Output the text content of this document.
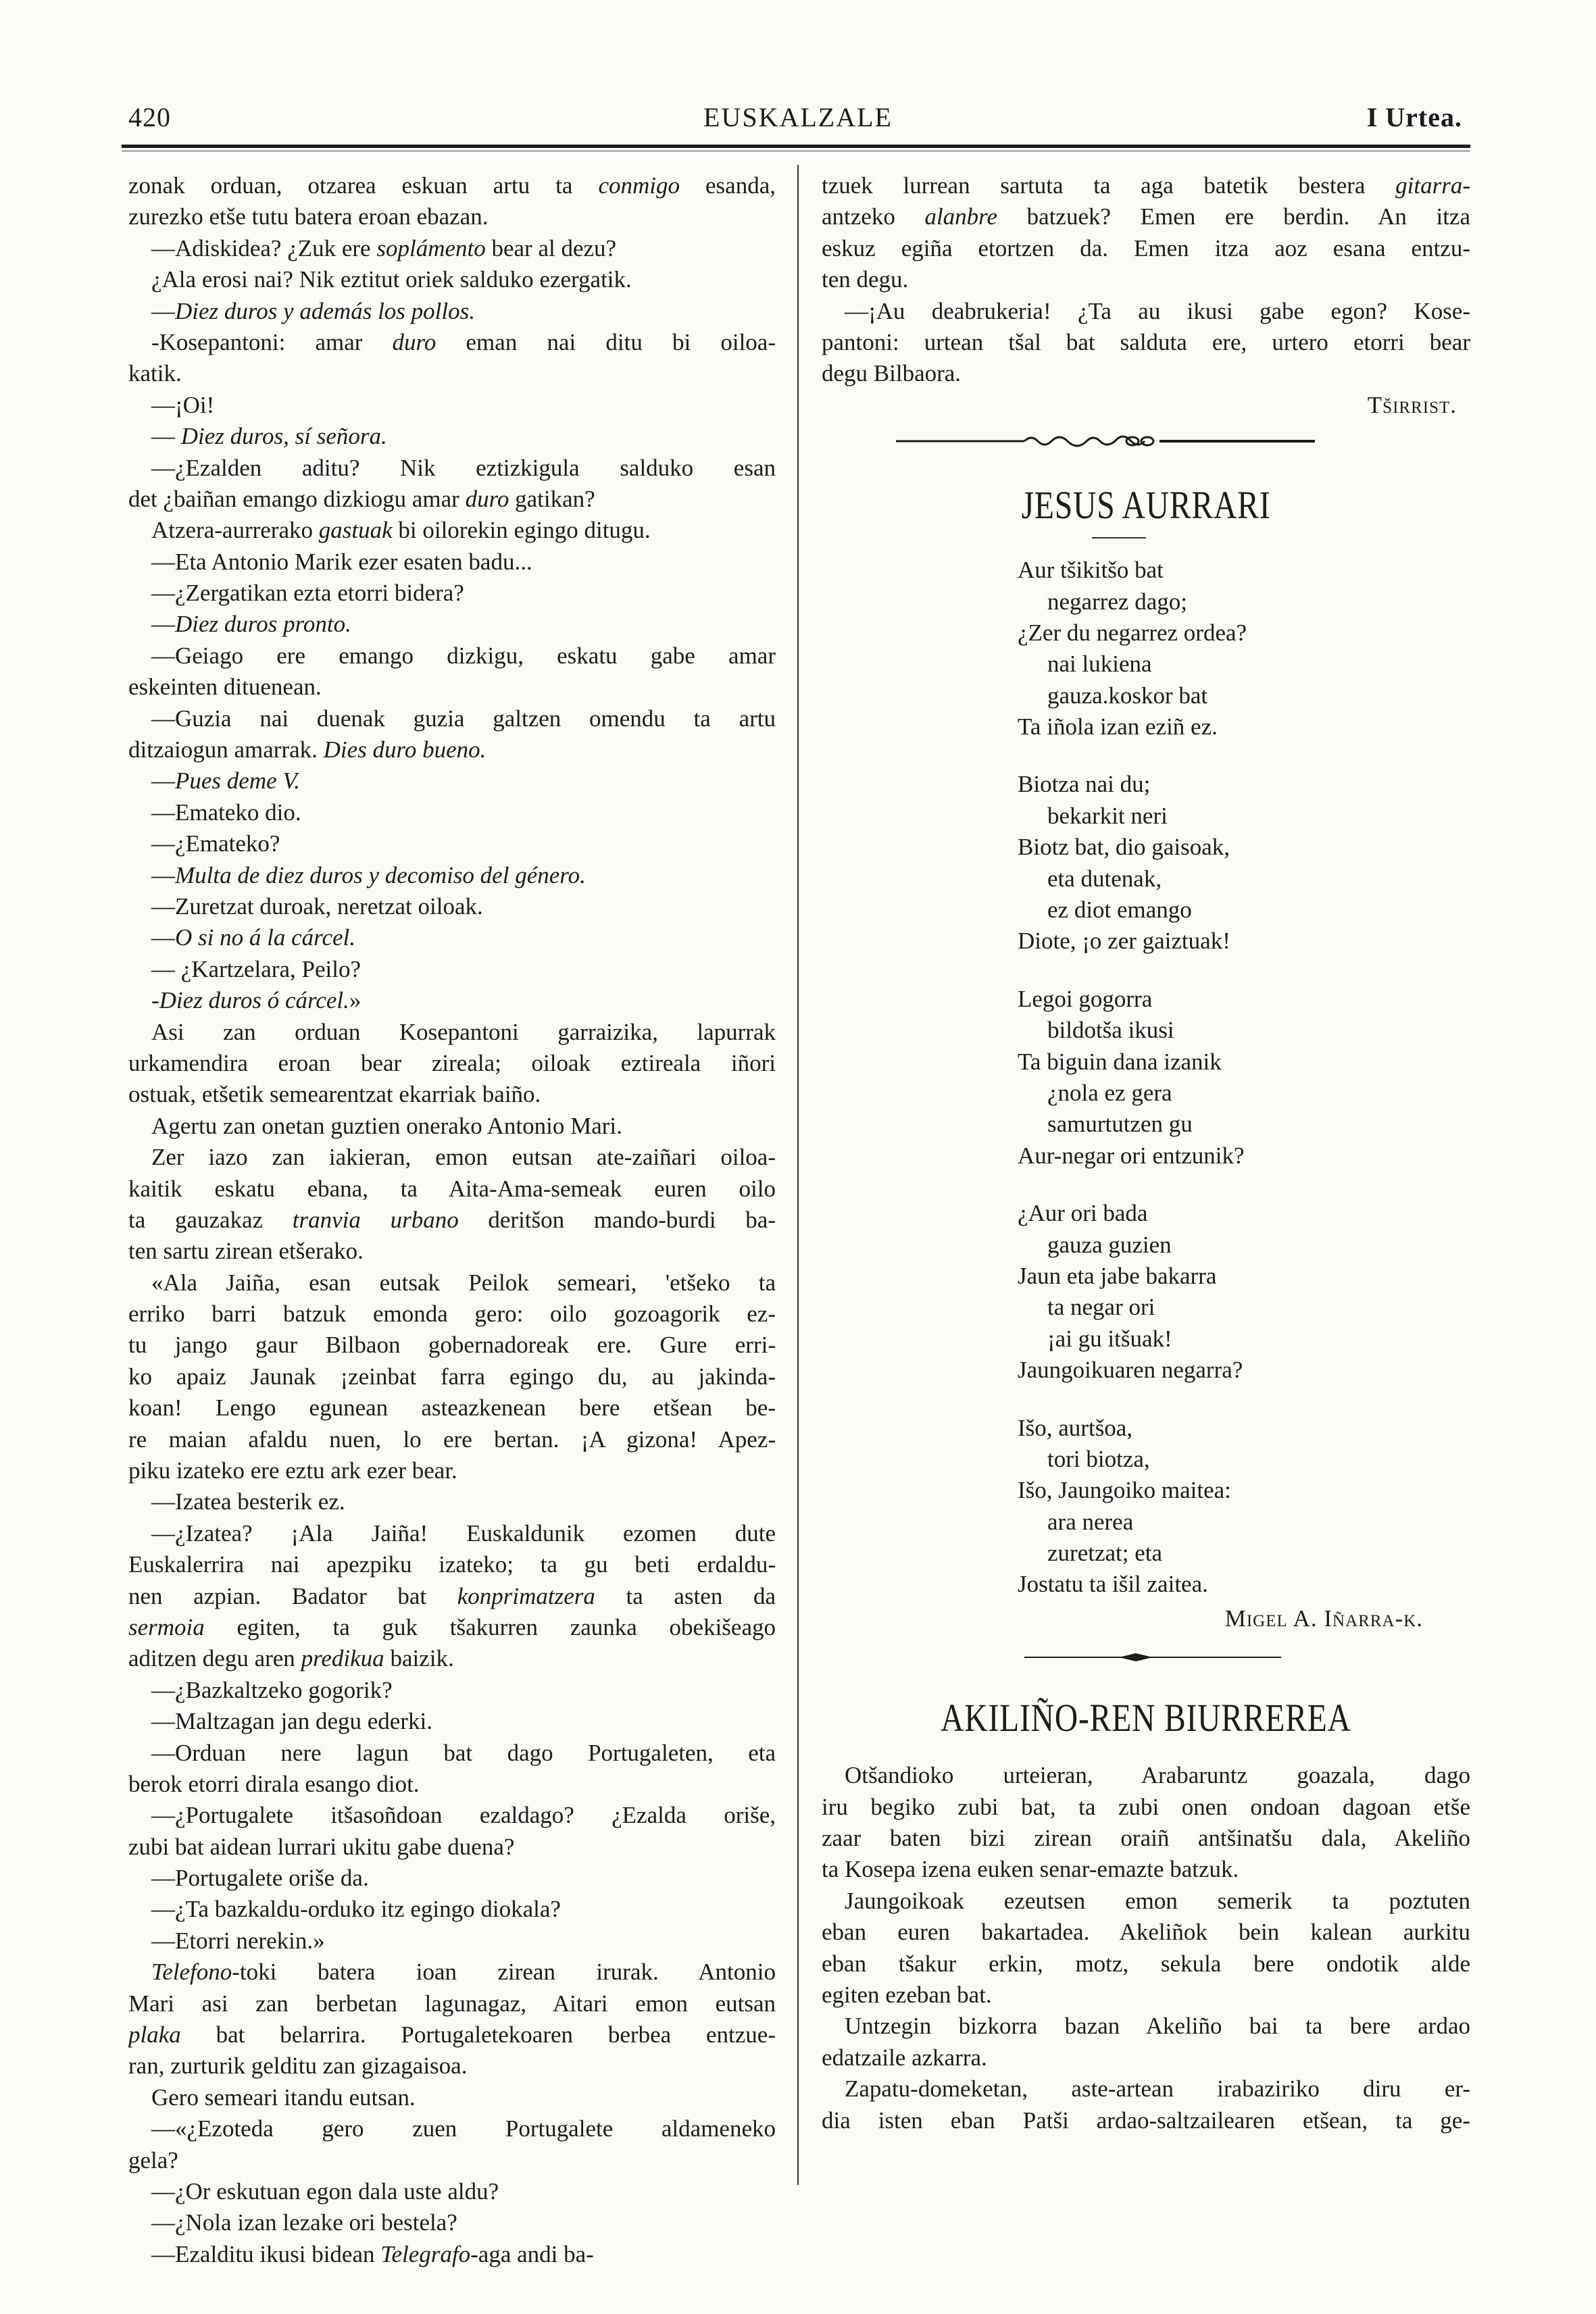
EUSKALZALE
420	I Urtea.
zonak orduan, otzarea eskuan artu ta conmigo esanda,
zurezko etše tutu batera eroan ebazan.
—Adiskidea? ¿Zuk ere soplámento bear al dezu?
¿Ala erosi nai? Nik eztitut oriek salduko ezergatik.
—Diez duros y además los pollos.
-Kosepantoni: amar duro eman nai ditu bi oiloa-
katik.
—¡Oi!
— Diez duros, sí señora.
—¿Ezalden aditu? Nik eztizkigula salduko esan
det ¿baiñan emango dizkiogu amar duro gatikan?
Atzera-aurrerako gastuak bi oilorekin egingo ditugu.
—Eta Antonio Marik ezer esaten badu...
—¿Zergatikan ezta etorri bidera?
—Diez duros pronto.
—Geiago ere emango dizkigu, eskatu gabe amar
eskeinten dituenean.
—Guzia nai duenak guzia galtzen omendu ta artu
ditzaiogun amarrak. Dies duro bueno.
—Pues deme V.
—Emateko dio.
—¿Emateko?
—Multa de diez duros y decomiso del género.
—Zuretzat duroak, neretzat oiloak.
—O si no á la cárcel.
— ¿Kartzelara, Peilo?
-Diez duros ó cárcel.»
Asi zan orduan Kosepantoni garraizika, lapurrak
urkamendira eroan bear zireala; oiloak eztireala iñori
ostuak, etšetik semearentzat ekarriak baiño.
Agertu zan onetan guztien onerako Antonio Mari.
Zer iazo zan iakieran, emon eutsan ate-zaiñari oiloa-
kaitik eskatu ebana, ta Aita-Ama-semeak euren oilo
ta gauzakaz tranvia urbano deritšon mando-burdi ba-
ten sartu zirean etšerako.
«Ala Jaiña, esan eutsak Peilok semeari, 'etšeko ta
erriko barri batzuk emonda gero: oilo gozoagorik ez-
tu jango gaur Bilbaon gobernadoreak ere. Gure erri-
ko apaiz Jaunak ¡zeinbat farra egingo du, au jakinda-
koan! Lengo egunean asteazkenean bere etšean be-
re maian afaldu nuen, lo ere bertan. ¡A gizona! Apez-
piku izateko ere eztu ark ezer bear.
—Izatea besterik ez.
—¿Izatea? ¡Ala Jaiña! Euskaldunik ezomen dute
Euskalerrira nai apezpiku izateko; ta gu beti erdaldu-
nen azpian. Badator bat konprimatzera ta asten da
sermoia egiten, ta guk tšakurren zaunka obekišeago
aditzen degu aren predikua baizik.
—¿Bazkaltzeko gogorik?
—Maltzagan jan degu ederki.
—Orduan nere lagun bat dago Portugaleten, eta
berok etorri dirala esango diot.
—¿Portugalete itšasoñdoan ezaldago? ¿Ezalda oriše,
zubi bat aidean lurrari ukitu gabe duena?
—Portugalete oriše da.
—¿Ta bazkaldu-orduko itz egingo diokala?
—Etorri nerekin.»
Telefono-toki batera ioan zirean irurak. Antonio
Mari asi zan berbetan lagunagaz, Aitari emon eutsan
plaka bat belarrira. Portugaletekoaren berbea entzue-
ran, zurturik gelditu zan gizagaisoa.
Gero semeari itandu eutsan.
—«¿Ezoteda gero zuen Portugalete aldameneko
gela?
—¿Or eskutuan egon dala uste aldu?
—¿Nola izan lezake ori bestela?
—Ezalditu ikusi bidean Telegrafo-aga andi ba-
tzuek lurrean sartuta ta aga batetik bestera gitarra-
antzeko alanbre batzuek? Emen ere berdin. An itza
eskuz egiña etortzen da. Emen itza aoz esana entzu-
ten degu.
—¡Au deabrukeria! ¿Ta au ikusi gabe egon? Kose-
pantoni: urtean tšal bat salduta ere, urtero etorri bear
degu Bilbaora.
Tširrist.
JESUS AURRARI
Aur tšikitšo bat
negarrez dago;
¿Zer du negarrez ordea?
nai lukiena
gauza.koskor bat
Ta iñola izan eziñ ez.
Biotza nai du;
bekarkit neri
Biotz bat, dio gaisoak,
eta dutenak,
ez diot emango
Diote, ¡o zer gaiztuak!
Legoi gogorra
bildotša ikusi
Ta biguin dana izanik
¿nola ez gera
samurtutzen gu
Aur-negar ori entzunik?
¿Aur ori bada
gauza guzien
Jaun eta jabe bakarra
ta negar ori
¡ai gu itšuak!
Jaungoikuaren negarra?
Išo, aurtšoa,
tori biotza,
Išo, Jaungoiko maitea:
ara nerea
zuretzat; eta
Jostatu ta išil zaitea.
Migel A. Iñarra-k.
AKILIÑO-REN BIURREREA
Otšandioko urteieran, Arabaruntz goazala, dago
iru begiko zubi bat, ta zubi onen ondoan dagoan etše
zaar baten bizi zirean oraiñ antšinatšu dala, Akeliño
ta Kosepa izena euken senar-emazte batzuk.
Jaungoikoak ezeutsen emon semerik ta poztuten
eban euren bakartadea. Akeliñok bein kalean aurkitu
eban tšakur erkin, motz, sekula bere ondotik alde
egiten ezeban bat.
Untzegin bizkorra bazan Akeliño bai ta bere ardao
edatzaile azkarra.
Zapatu-domeketan, aste-artean irabaziriko diru er-
dia isten eban Patši ardao-saltzailearen etšean, ta ge-
